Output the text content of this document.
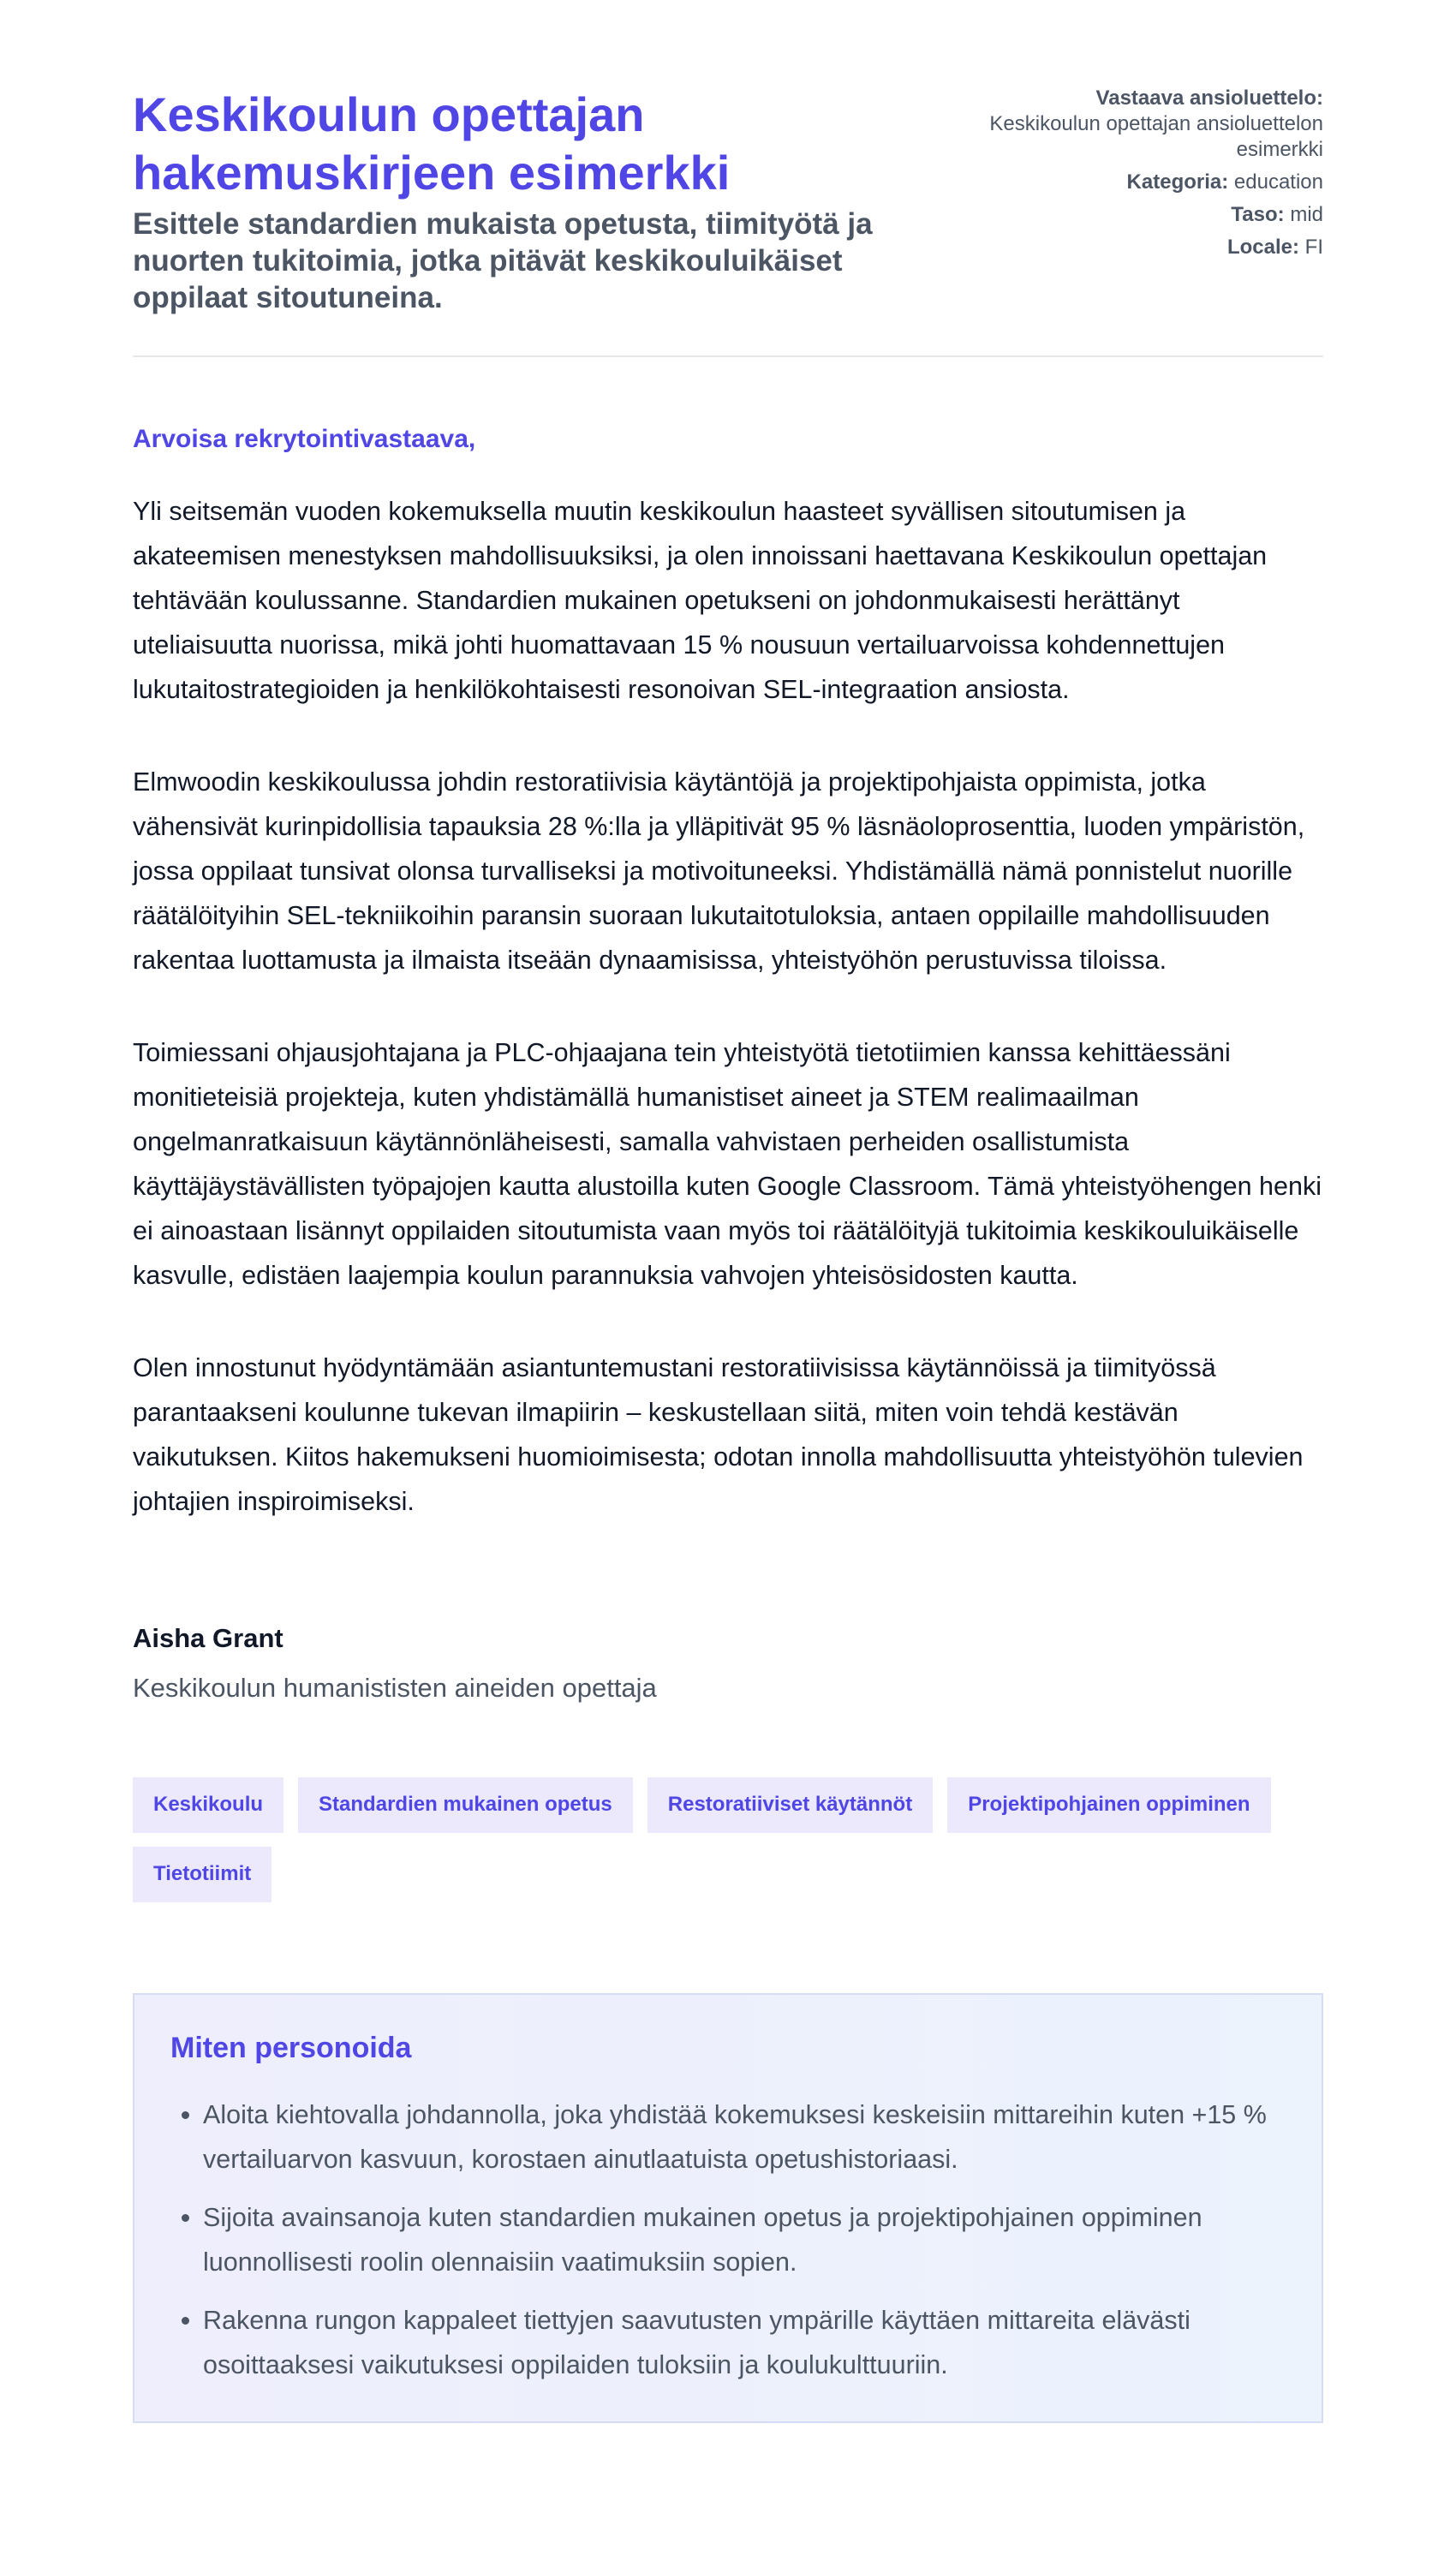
Keskikoulun opettajan hakemuskirjeen esimerkki

Esittele standardien mukaista opetusta, tiimityötä ja nuorten tukitoimia, jotka pitävät keskikouluikäiset oppilaat sitoutuneina.

Vastaava ansioluettelo:
Keskikoulun opettajan ansioluettelon esimerkki
Kategoria: education
Taso: mid
Locale: FI

Arvoisa rekrytointivastaava,

Yli seitsemän vuoden kokemuksella muutin keskikoulun haasteet syvällisen sitoutumisen ja akateemisen menestyksen mahdollisuuksiksi, ja olen innoissani haettavana Keskikoulun opettajan tehtävään koulussanne. Standardien mukainen opetukseni on johdonmukaisesti herättänyt uteliaisuutta nuorissa, mikä johti huomattavaan 15 % nousuun vertailuarvoissa kohdennettujen lukutaitostrategioiden ja henkilökohtaisesti resonoivan SEL-integraation ansiosta.

Elmwoodin keskikoulussa johdin restoratiivisia käytäntöjä ja projektipohjaista oppimista, jotka vähensivät kurinpidollisia tapauksia 28 %:lla ja ylläpitivät 95 % läsnäoloprosenttia, luoden ympäristön, jossa oppilaat tunsivat olonsa turvalliseksi ja motivoituneeksi. Yhdistämällä nämä ponnistelut nuorille räätälöityihin SEL-tekniikoihin paransin suoraan lukutaitotuloksia, antaen oppilaille mahdollisuuden rakentaa luottamusta ja ilmaista itseään dynaamisissa, yhteistyöhön perustuvissa tiloissa.

Toimiessani ohjausjohtajana ja PLC-ohjaajana tein yhteistyötä tietotiimien kanssa kehittäessäni monitieteisiä projekteja, kuten yhdistämällä humanistiset aineet ja STEM realimaailman ongelmanratkaisuun käytännönläheisesti, samalla vahvistaen perheiden osallistumista käyttäjäystävällisten työpajojen kautta alustoilla kuten Google Classroom. Tämä yhteistyöhengen henki ei ainoastaan lisännyt oppilaiden sitoutumista vaan myös toi räätälöityjä tukitoimia keskikouluikäiselle kasvulle, edistäen laajempia koulun parannuksia vahvojen yhteisösidosten kautta.

Olen innostunut hyödyntämään asiantuntemustani restoratiivisissa käytännöissä ja tiimityössä parantaakseni koulunne tukevan ilmapiirin – keskustellaan siitä, miten voin tehdä kestävän vaikutuksen. Kiitos hakemukseni huomioimisesta; odotan innolla mahdollisuutta yhteistyöhön tulevien johtajien inspiroimiseksi.

Aisha Grant
Keskikoulun humanististen aineiden opettaja
Keskikoulu	Standardien mukainen opetus	Restoratiiviset käytännöt	Projektipohjainen oppiminen
Tietotiimit
Miten personoida
• Aloita kiehtovalla johdannolla, joka yhdistää kokemuksesi keskeisiin mittareihin kuten +15 % vertailuarvon kasvuun, korostaen ainutlaatuista opetushistoriaasi.
• Sijoita avainsanoja kuten standardien mukainen opetus ja projektipohjainen oppiminen luonnollisesti roolin olennaisiin vaatimuksiin sopien.
• Rakenna rungon kappaleet tiettyjen saavutusten ympärille käyttäen mittareita elävästi osoittaaksesi vaikutuksesi oppilaiden tuloksiin ja koulukulttuuriin.
